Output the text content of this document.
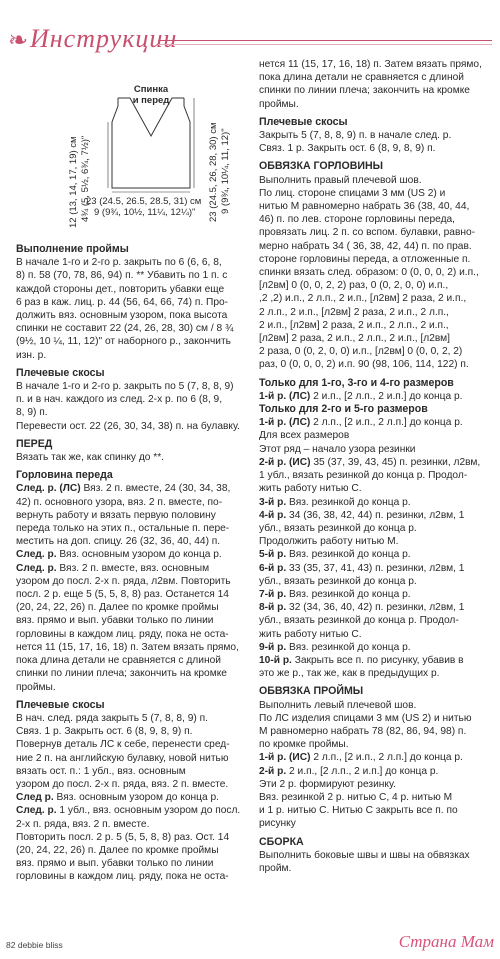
❧ Инструкции
Спинка
и перед
12 (13, 14, 17, 19) см 4¾ (5, 5½, 6¾, 7½)"	23 (24.5, 26, 28, 30) см 9 (9¾, 10¼, 11, 12)"
23 (24.5, 26.5, 28.5, 31) см
9 (9¾, 10½, 11¼, 12¼)"

Выполнение проймы

В начале 1-го и 2-го р. закрыть по 6 (6, 6, 8,

8) п. 58 (70, 78, 86, 94) п. ** Убавить по 1 п. с

каждой стороны дет., повторить убавки еще

6 раз в каж. лиц. р. 44 (56, 64, 66, 74) п. Про-

должить вяз. основным узором, пока высота

спинки не составит 22 (24, 26, 28, 30) см / 8 ¾

(9½, 10 ¼, 11, 12)" от наборного р., закончить

изн. р.

Плечевые скосы

В начале 1-го и 2-го р. закрыть по 5 (7, 8, 8, 9)

п. и в нач. каждого из след. 2-х р. по 6 (8, 9,

8, 9) п.

Перевести ост. 22 (26, 30, 34, 38) п. на булавку.

ПЕРЕД

Вязать так же, как спинку до **.

Горловина переда

След. р. (ЛС) Вяз. 2 п. вместе, 24 (30, 34, 38,

42) п. основного узора, вяз. 2 п. вместе, по-

вернуть работу и вязать первую половину

переда только на этих п., остальные п. пере-

местить на доп. спицу. 26 (32, 36, 40, 44) п.

След. р. Вяз. основным узором до конца р.

След. р. Вяз. 2 п. вместе, вяз. основным

узором до посл. 2-х п. ряда, л2вм. Повторить

посл. 2 р. еще 5 (5, 5, 8, 8) раз. Останется 14

(20, 24, 22, 26) п. Далее по кромке проймы

вяз. прямо и вып. убавки только по линии

горловины в каждом лиц. ряду, пока не оста-

нется 11 (15, 17, 16, 18) п. Затем вязать прямо,

пока длина детали не сравняется с длиной

спинки по линии плеча; закончить на кромке

проймы.

Плечевые скосы

В нач. след. ряда закрыть 5 (7, 8, 8, 9) п.

Связ. 1 р. Закрыть ост. 6 (8, 9, 8, 9) п.

Повернув деталь ЛС к себе, перенести сред-

ние 2 п. на английскую булавку, новой нитью

вязать ост. п.: 1 убл., вяз. основным

узором до посл. 2-х п. ряда, вяз. 2 п. вместе.

След р. Вяз. основным узором до конца р.

След. р. 1 убл., вяз. основным узором до посл.

2-х п. ряда, вяз. 2 п. вместе.

Повторить посл. 2 р. 5 (5, 5, 8, 8) раз. Ост. 14

(20, 24, 22, 26) п. Далее по кромке проймы

вяз. прямо и вып. убавки только по линии

горловины в каждом лиц. ряду, пока не оста-

нется 11 (15, 17, 16, 18) п. Затем вязать прямо,

пока длина детали не сравняется с длиной

спинки по линии плеча; закончить на кромке

проймы.

Плечевые скосы

Закрыть 5 (7, 8, 8, 9) п. в начале след. р.

Связ. 1 р. Закрыть ост. 6 (8, 9, 8, 9) п.

ОБВЯЗКА ГОРЛОВИНЫ

Выполнить правый плечевой шов.

По лиц. стороне спицами 3 мм (US 2) и

нитью М равномерно набрать 36 (38, 40, 44,

46) п. по лев. стороне горловины переда,

провязать лиц. 2 п. со вспом. булавки, равно-

мерно набрать 34 ( 36, 38, 42, 44) п. по прав.

стороне горловины переда, а отложенные п.

спинки вязать след. образом: 0 (0, 0, 0, 2) и.п.,

[л2вм] 0 (0, 0, 2, 2) раз, 0 (0, 2, 0, 0) и.п.,

,2 ,2) и.п., 2 л.п., 2 и.п., [л2вм] 2 раза, 2 и.п.,

2 л.п., 2 и.п., [л2вм] 2 раза, 2 и.п., 2 л.п.,

2 и.п., [л2вм] 2 раза, 2 и.п., 2 л.п., 2 и.п.,

[л2вм] 2 раза, 2 и.п., 2 л.п., 2 и.п., [л2вм]

2 раза, 0 (0, 2, 0, 0) и.п., [л2вм] 0 (0, 0, 2, 2)

раз, 0 (0, 0, 0, 2) и.п. 90 (98, 106, 114, 122) п.

Только для 1-го, 3-го и 4-го размеров

1-й р. (ЛС) 2 и.п., [2 л.п., 2 и.п.] до конца р.

Только для 2-го и 5-го размеров

1-й р. (ЛС) 2 л.п., [2 и.п., 2 л.п.] до конца р.

Для всех размеров

Этот ряд – начало узора резинки

2-й р. (ИС) 35 (37, 39, 43, 45) п. резинки, л2вм,

1 убл., вязать резинкой до конца р. Продол-

жить работу нитью С.

3-й р. Вяз. резинкой до конца р.

4-й р. 34 (36, 38, 42, 44) п. резинки, л2вм, 1

убл., вязать резинкой до конца р.

Продолжить работу нитью М.

5-й р. Вяз. резинкой до конца р.

6-й р. 33 (35, 37, 41, 43) п. резинки, л2вм, 1

убл., вязать резинкой до конца р.

7-й р. Вяз. резинкой до конца р.

8-й р. 32 (34, 36, 40, 42) п. резинки, л2вм, 1

убл., вязать резинкой до конца р. Продол-

жить работу нитью С.

9-й р. Вяз. резинкой до конца р.

10-й р. Закрыть все п. по рисунку, убавив в

это же р., так же, как в предыдущих р.

ОБВЯЗКА ПРОЙМЫ

Выполнить левый плечевой шов.

По ЛС изделия спицами 3 мм (US 2) и нитью

М равномерно набрать 78 (82, 86, 94, 98) п.

по кромке проймы.

1-й р. (ИС) 2 л.п., [2 и.п., 2 л.п.] до конца р.

2-й р. 2 и.п., [2 л.п., 2 и.п.] до конца р.

Эти 2 р. формируют резинку.

Вяз. резинкой 2 р. нитью С, 4 р. нитью М

и 1 р. нитью С. Нитью С закрыть все п. по

рисунку

СБОРКА

Выполнить боковые швы и швы на обвязках

пройм.

82 debbie bliss	Страна Мам
